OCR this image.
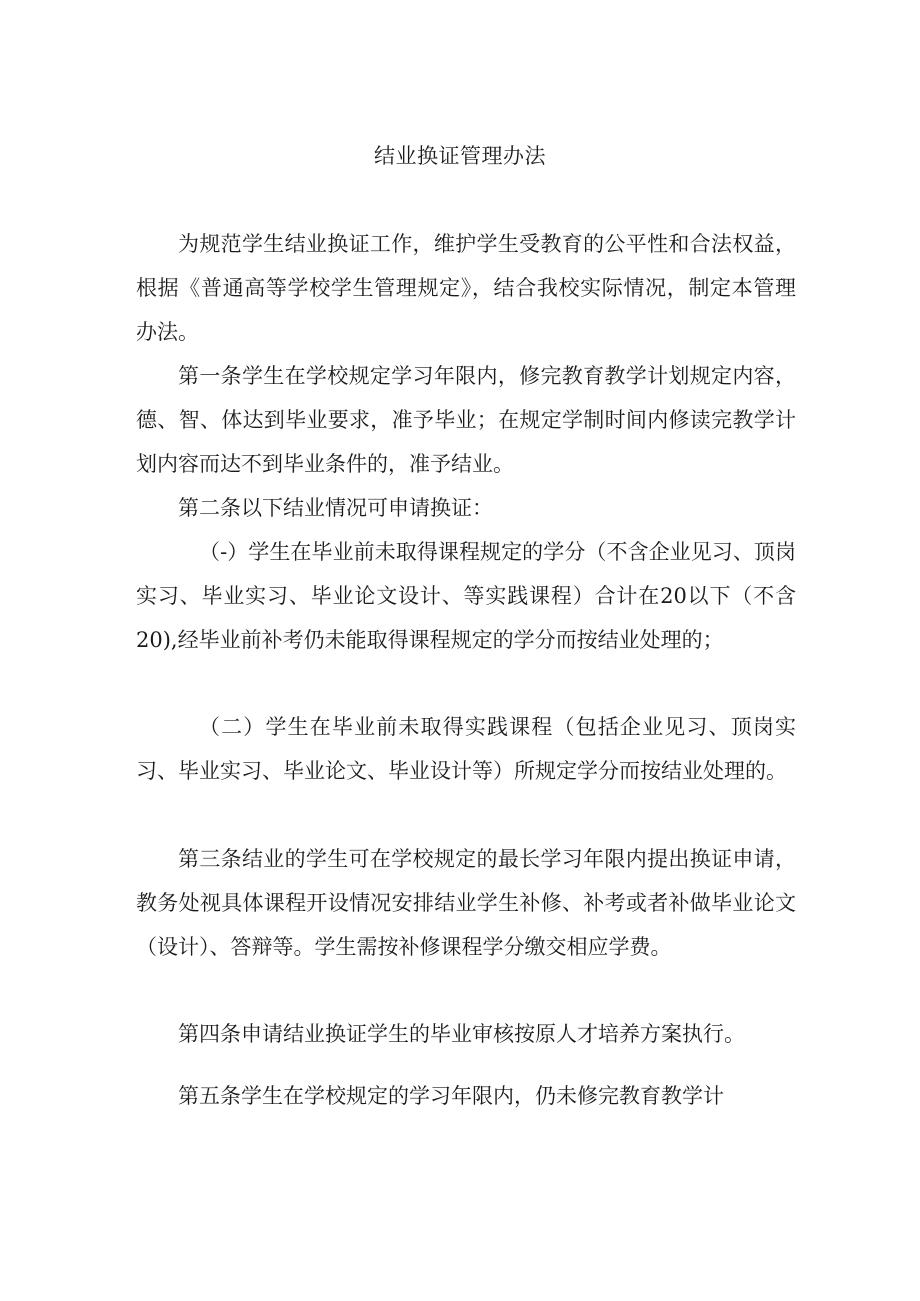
结业换证管理办法

为规范学生结业换证工作，维护学生受教育的公平性和合法权益，根据《普通高等学校学生管理规定》，结合我校实际情况，制定本管理办法。

第一条学生在学校规定学习年限内，修完教育教学计划规定内容，德、智、体达到毕业要求，准予毕业；在规定学制时间内修读完教学计划内容而达不到毕业条件的，准予结业。

第二条以下结业情况可申请换证：

（-）学生在毕业前未取得课程规定的学分（不含企业见习、顶岗实习、毕业实习、毕业论文设计、等实践课程）合计在20以下（不含20),经毕业前补考仍未能取得课程规定的学分而按结业处理的；

（二）学生在毕业前未取得实践课程（包括企业见习、顶岗实习、毕业实习、毕业论文、毕业设计等）所规定学分而按结业处理的。

第三条结业的学生可在学校规定的最长学习年限内提出换证申请，教务处视具体课程开设情况安排结业学生补修、补考或者补做毕业论文（设计）、答辩等。学生需按补修课程学分缴交相应学费。

第四条申请结业换证学生的毕业审核按原人才培养方案执行。

第五条学生在学校规定的学习年限内，仍未修完教育教学计
